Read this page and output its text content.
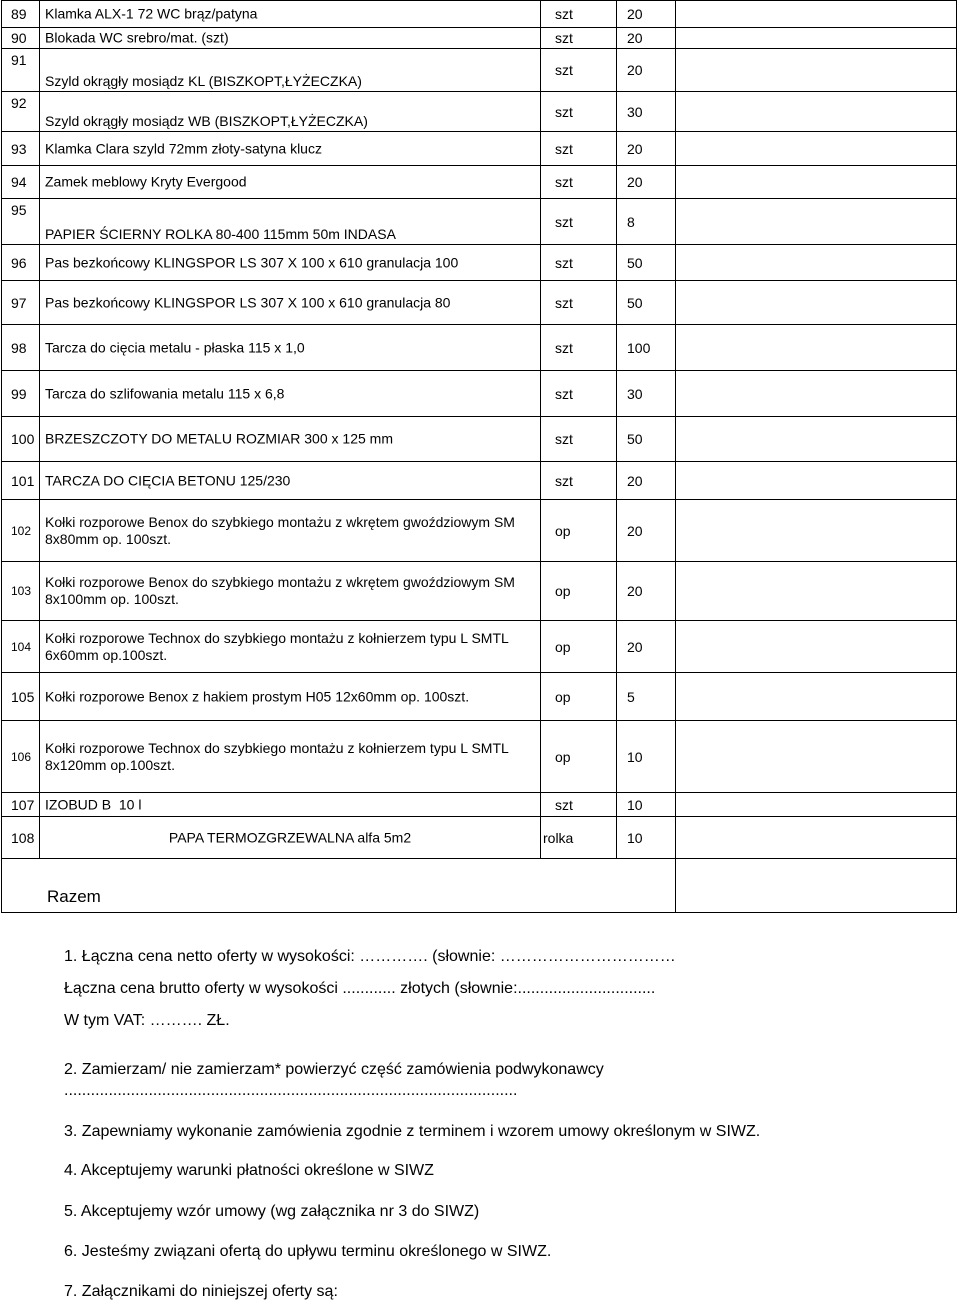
89	Klamka ALX-1 72 WC brąz/patyna	szt	20	

90	Blokada WC srebro/mat. (szt)	szt	20	

91	Szyld okrągły mosiądz KL (BISZKOPT,ŁYŻECZKA)	szt	20	

92	Szyld okrągły mosiądz WB (BISZKOPT,ŁYŻECZKA)	szt	30	

93	Klamka Clara szyld 72mm złoty-satyna klucz	szt	20	

94	Zamek meblowy Kryty Evergood	szt	20	

95	PAPIER ŚCIERNY ROLKA 80-400 115mm 50m INDASA	szt	8	

96	Pas bezkońcowy KLINGSPOR LS 307 X 100 x 610 granulacja 100	szt	50	

97	Pas bezkońcowy KLINGSPOR LS 307 X 100 x 610 granulacja 80	szt	50	

98	Tarcza do cięcia metalu - płaska 115 x 1,0	szt	100	

99	Tarcza do szlifowania metalu 115 x 6,8	szt	30	

100	BRZESZCZOTY DO METALU ROZMIAR 300 x 125 mm	szt	50	

101	TARCZA DO CIĘCIA BETONU 125/230	szt	20	

102	Kołki rozporowe Benox do szybkiego montażu z wkrętem gwoździowym SM
8x80mm op. 100szt.	op	20	

103	Kołki rozporowe Benox do szybkiego montażu z wkrętem gwoździowym SM
8x100mm op. 100szt.	op	20	

104	Kołki rozporowe Technox do szybkiego montażu z kołnierzem typu L SMTL
6x60mm op.100szt.	op	20	

105	Kołki rozporowe Benox z hakiem prostym H05 12x60mm op. 100szt.	op	5	

106	Kołki rozporowe Technox do szybkiego montażu z kołnierzem typu L SMTL
8x120mm op.100szt.	op	10	

107	IZOBUD B  10 l	szt	10	

108	PAPA TERMOZGRZEWALNA alfa 5m2	rolka	10	

Razem				

1. Łączna cena netto oferty w wysokości: …………. (słownie: ……………………………
Łączna cena brutto oferty w wysokości ............ złotych (słownie:...............................
W tym VAT: ………. ZŁ.
2. Zamierzam/ nie zamierzam* powierzyć część zamówienia podwykonawcy
......................................................................................................
3. Zapewniamy wykonanie zamówienia zgodnie z terminem i wzorem umowy określonym w SIWZ.
4. Akceptujemy warunki płatności określone w SIWZ
5. Akceptujemy wzór umowy (wg załącznika nr 3 do SIWZ)
6. Jesteśmy związani ofertą do upływu terminu określonego w SIWZ.
7. Załącznikami do niniejszej oferty są:
